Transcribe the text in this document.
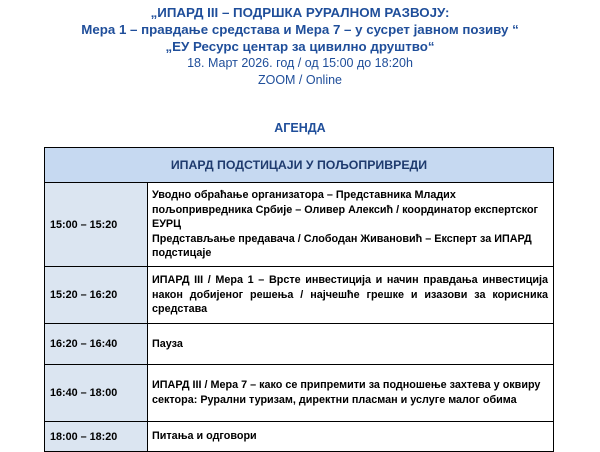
„ИПАРД III – ПОДРШКА РУРАЛНОМ РАЗВОЈУ:
Мера 1 – правдање средстава и Мера 7 – у сусрет јавном позиву “
„ЕУ Ресурс центар за цивилно друштво“
18. Март 2026. год / од 15:00 до 18:20h
ZOOM / Online
АГЕНДА
ИПАРД ПОДСТИЦАЈИ У ПОЉОПРИВРЕДИ	
15:00 – 15:20	Уводно обраћање организатора – Представника Младих пољопривредника Србије – Оливер Алексић / координатор експертског ЕУРЦ
Представљање предавача / Слободан Живановић – Експерт за ИПАРД подстицаје

15:20 – 16:20	ИПАРД III / Мера 1 – Врсте инвестиција и начин правдања инвестиција након добијеног решења / најчешће грешке и изазови за корисника средстава
16:20 – 16:40	Пауза
16:40 – 18:00	ИПАРД III / Мера 7 – како се припремити за подношење захтева у оквиру сектора: Рурални туризам, директни пласман и услуге малог обима
18:00 – 18:20	Питања и одговори
